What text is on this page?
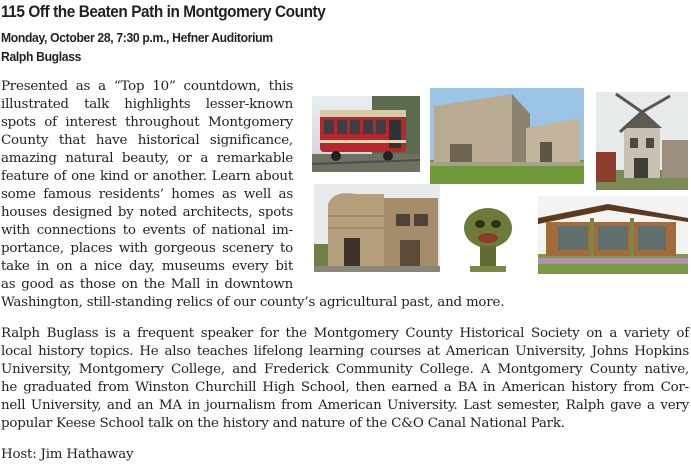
115 Off the Beaten Path in Montgomery County
Monday, October 28, 7:30 p.m., Hefner Auditorium
Ralph Buglass
Presented as a “Top 10” countdown, this
illustrated talk highlights lesser-known
spots of interest throughout Montgomery
County that have historical significance,
amazing natural beauty, or a remarkable
feature of one kind or another. Learn about
some famous residents’ homes as well as
houses designed by noted architects, spots
with connections to events of national im-
portance, places with gorgeous scenery to
take in on a nice day, museums every bit
as good as those on the Mall in downtown
Washington, still-standing relics of our county’s agricultural past, and more.
Ralph Buglass is a frequent speaker for the Montgomery County Historical Society on a variety of
local history topics. He also teaches lifelong learning courses at American University, Johns Hopkins
University, Montgomery College, and Frederick Community College. A Montgomery County native,
he graduated from Winston Churchill High School, then earned a BA in American history from Cor-
nell University, and an MA in journalism from American University. Last semester, Ralph gave a very
popular Keese School talk on the history and nature of the C&O Canal National Park.
Host: Jim Hathaway
